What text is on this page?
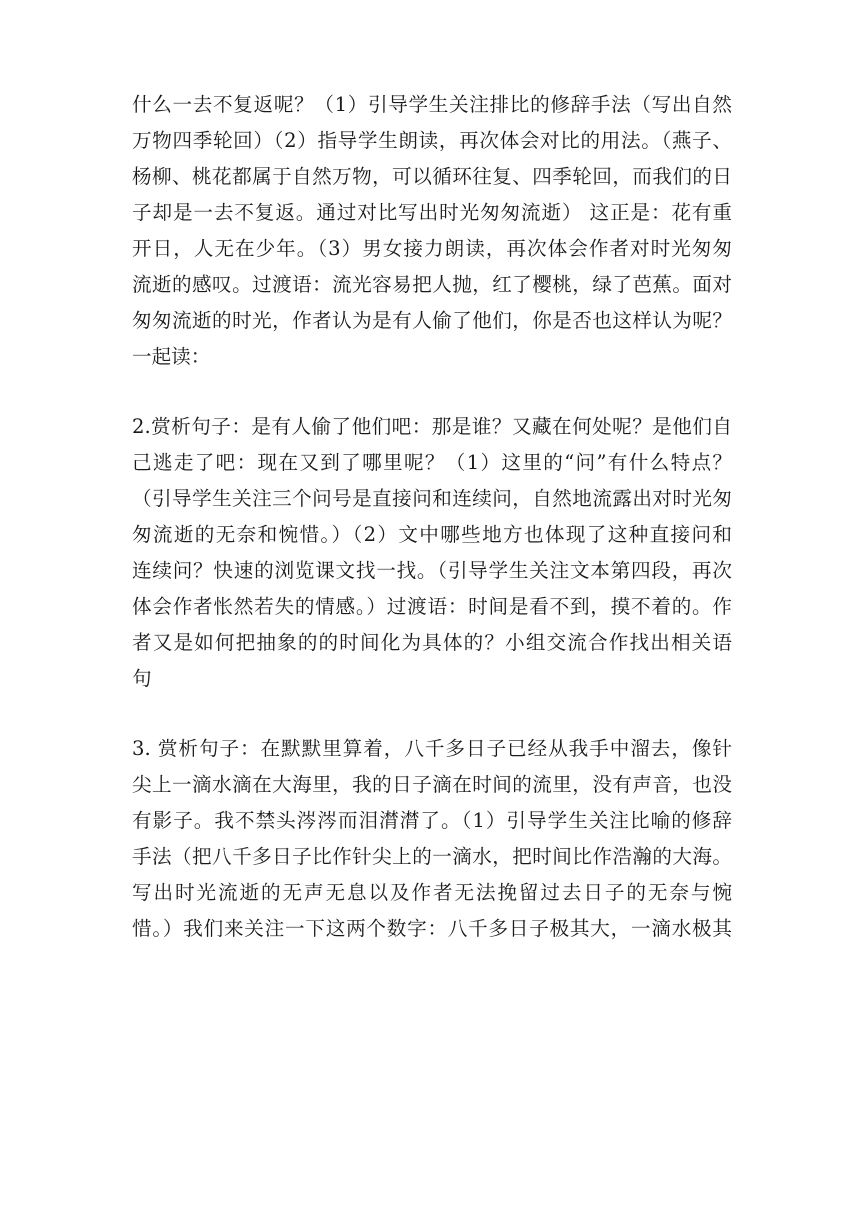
什么一去不复返呢？（1）引导学生关注排比的修辞手法（写出自然
万物四季轮回）（2）指导学生朗读，再次体会对比的用法。（燕子、
杨柳、桃花都属于自然万物，可以循环往复、四季轮回，而我们的日
子却是一去不复返。通过对比写出时光匆匆流逝） 这正是：花有重
开日，人无在少年。（3）男女接力朗读，再次体会作者对时光匆匆
流逝的感叹。过渡语：流光容易把人抛，红了樱桃，绿了芭蕉。面对
匆匆流逝的时光，作者认为是有人偷了他们，你是否也这样认为呢？
一起读：
2.赏析句子：是有人偷了他们吧：那是谁？又藏在何处呢？是他们自
己逃走了吧：现在又到了哪里呢？（1）这里的“问”有什么特点？
（引导学生关注三个问号是直接问和连续问，自然地流露出对时光匆
匆流逝的无奈和惋惜。）（2）文中哪些地方也体现了这种直接问和
连续问？快速的浏览课文找一找。（引导学生关注文本第四段，再次
体会作者怅然若失的情感。）过渡语：时间是看不到，摸不着的。作
者又是如何把抽象的的时间化为具体的？小组交流合作找出相关语
句
3. 赏析句子：在默默里算着，八千多日子已经从我手中溜去，像针
尖上一滴水滴在大海里，我的日子滴在时间的流里，没有声音，也没
有影子。我不禁头涔涔而泪潸潸了。（1）引导学生关注比喻的修辞
手法（把八千多日子比作针尖上的一滴水，把时间比作浩瀚的大海。
写出时光流逝的无声无息以及作者无法挽留过去日子的无奈与惋
惜。）我们来关注一下这两个数字：八千多日子极其大，一滴水极其
